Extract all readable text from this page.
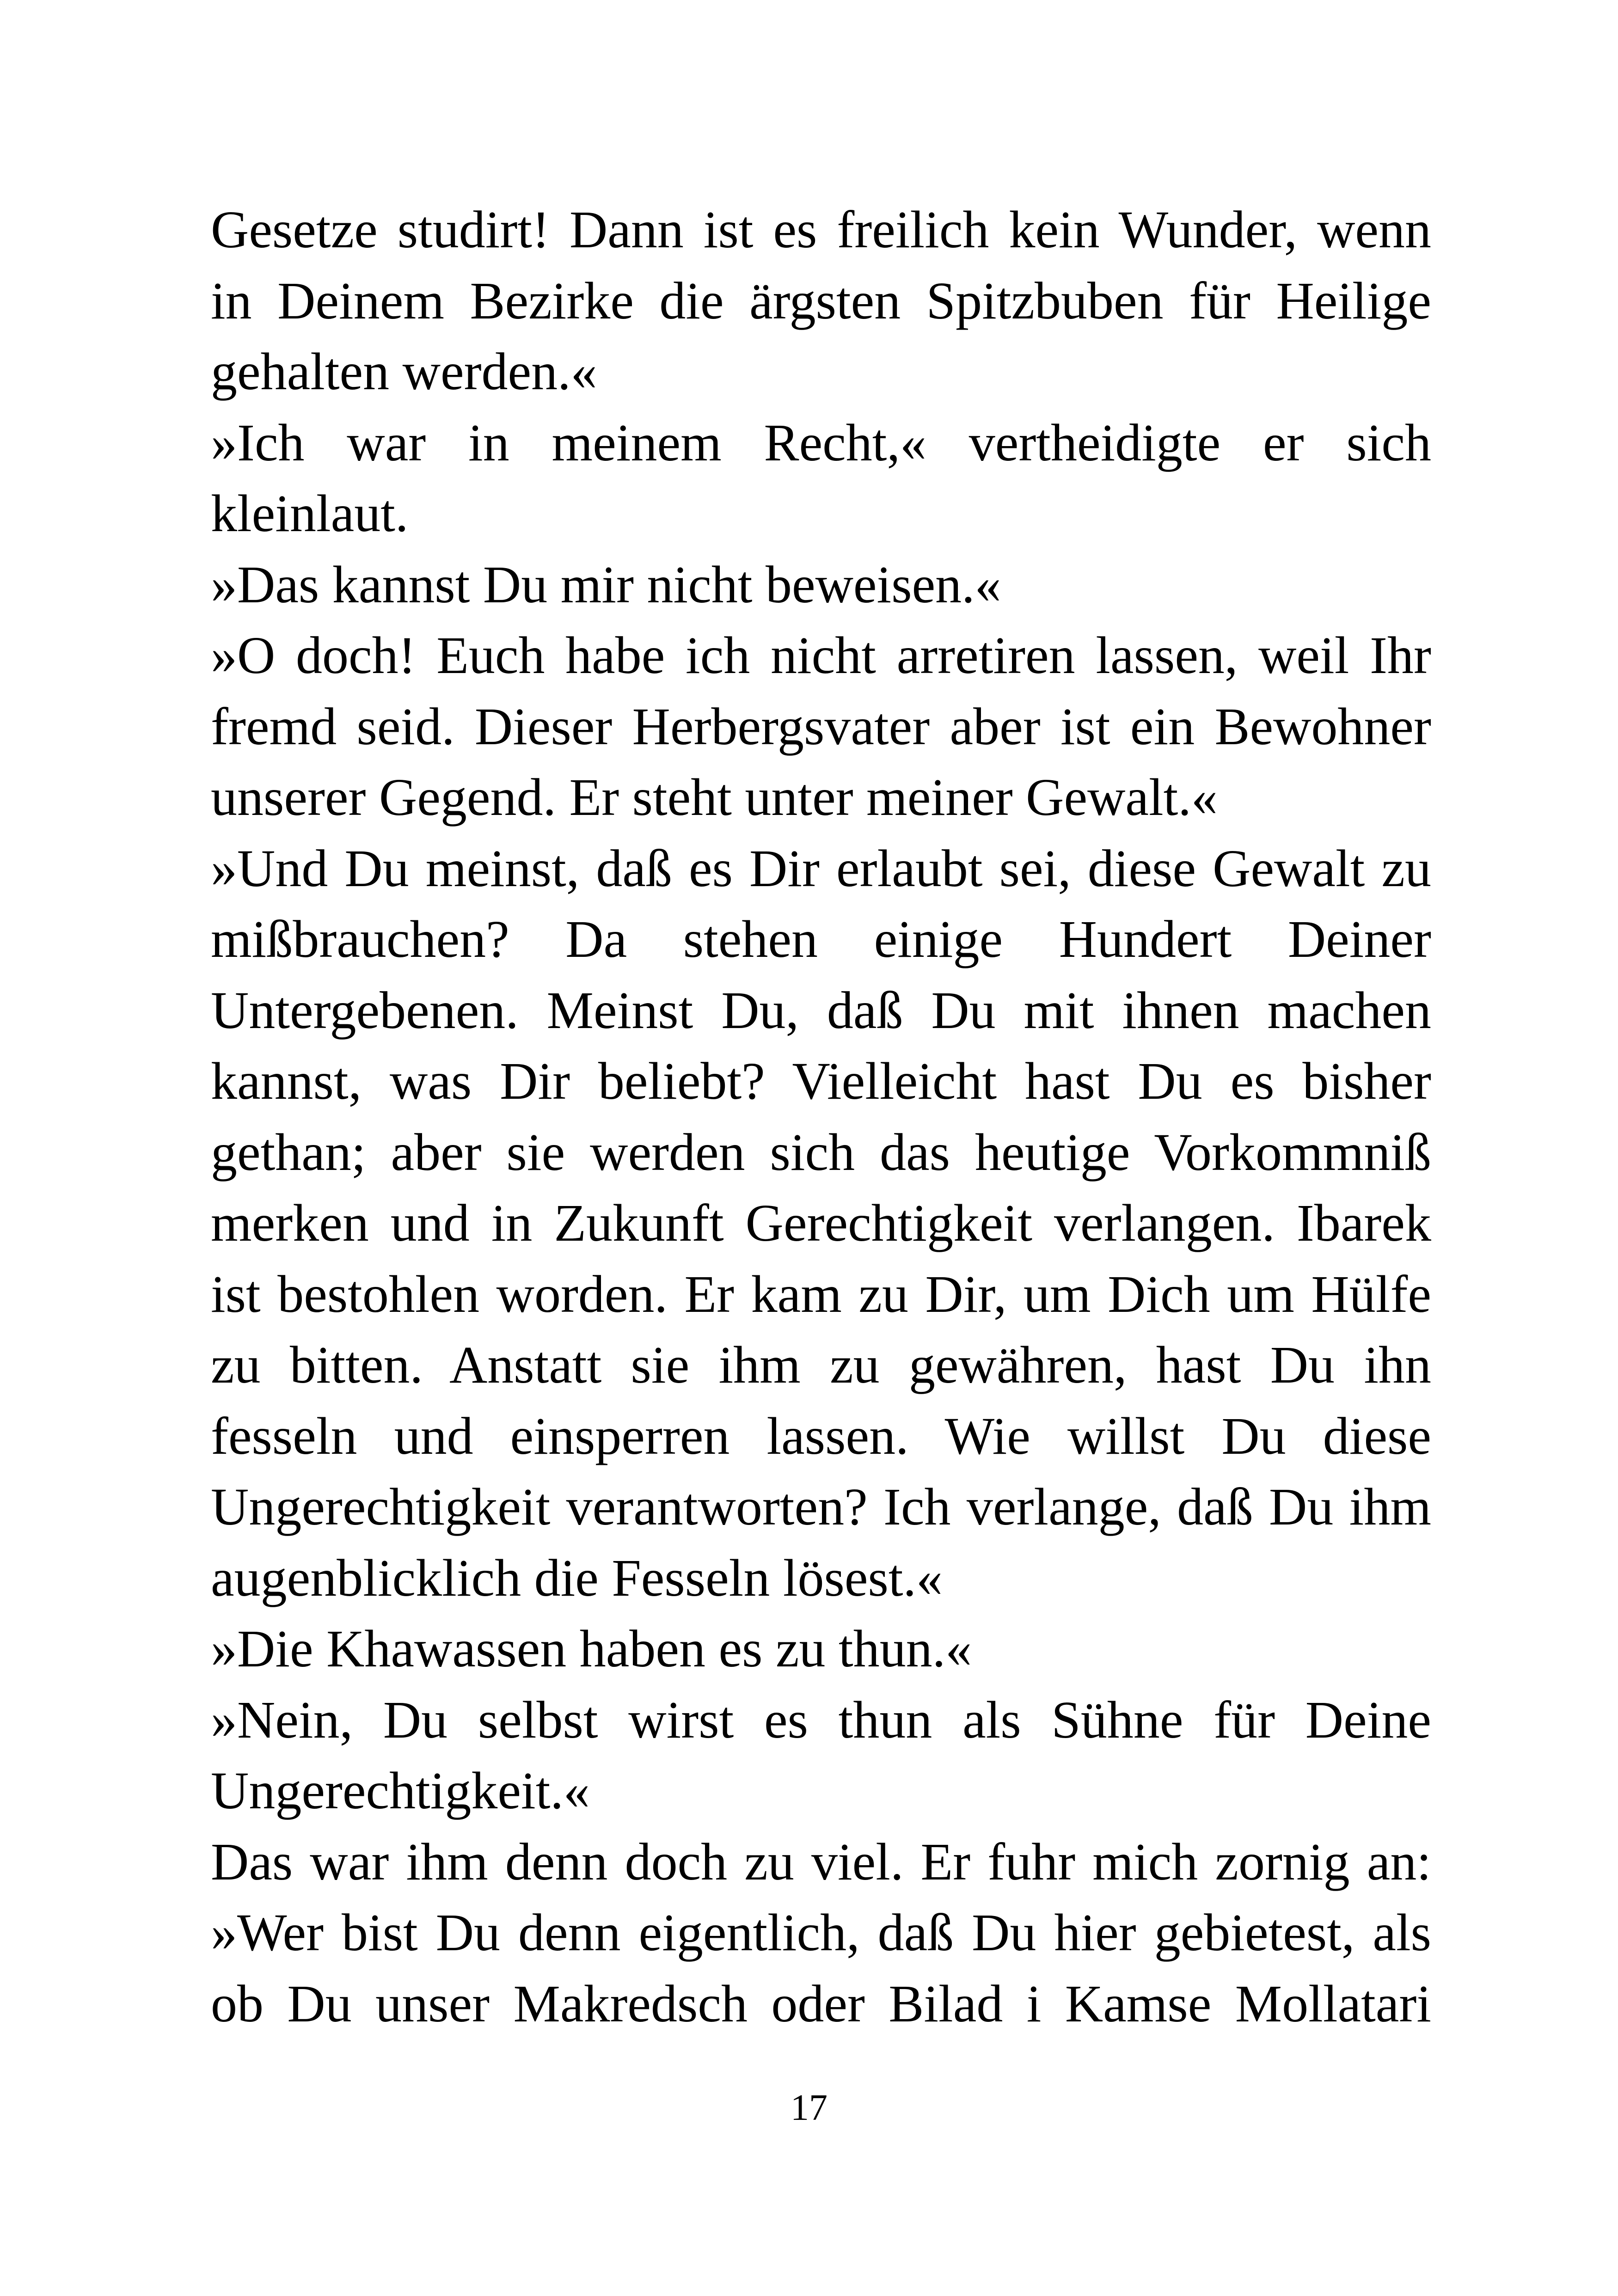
Gesetze studirt! Dann ist es freilich kein Wunder, wenn
in Deinem Bezirke die ärgsten Spitzbuben für Heilige
gehalten werden.«
»Ich war in meinem Recht,« vertheidigte er sich
kleinlaut.
»Das kannst Du mir nicht beweisen.«
»O doch! Euch habe ich nicht arretiren lassen, weil Ihr
fremd seid. Dieser Herbergsvater aber ist ein Bewohner
unserer Gegend. Er steht unter meiner Gewalt.«
»Und Du meinst, daß es Dir erlaubt sei, diese Gewalt zu
mißbrauchen? Da stehen einige Hundert Deiner
Untergebenen. Meinst Du, daß Du mit ihnen machen
kannst, was Dir beliebt? Vielleicht hast Du es bisher
gethan; aber sie werden sich das heutige Vorkommniß
merken und in Zukunft Gerechtigkeit verlangen. Ibarek
ist bestohlen worden. Er kam zu Dir, um Dich um Hülfe
zu bitten. Anstatt sie ihm zu gewähren, hast Du ihn
fesseln und einsperren lassen. Wie willst Du diese
Ungerechtigkeit verantworten? Ich verlange, daß Du ihm
augenblicklich die Fesseln lösest.«
»Die Khawassen haben es zu thun.«
»Nein, Du selbst wirst es thun als Sühne für Deine
Ungerechtigkeit.«
Das war ihm denn doch zu viel. Er fuhr mich zornig an:
»Wer bist Du denn eigentlich, daß Du hier gebietest, als
ob Du unser Makredsch oder Bilad i Kamse Mollatari
17
